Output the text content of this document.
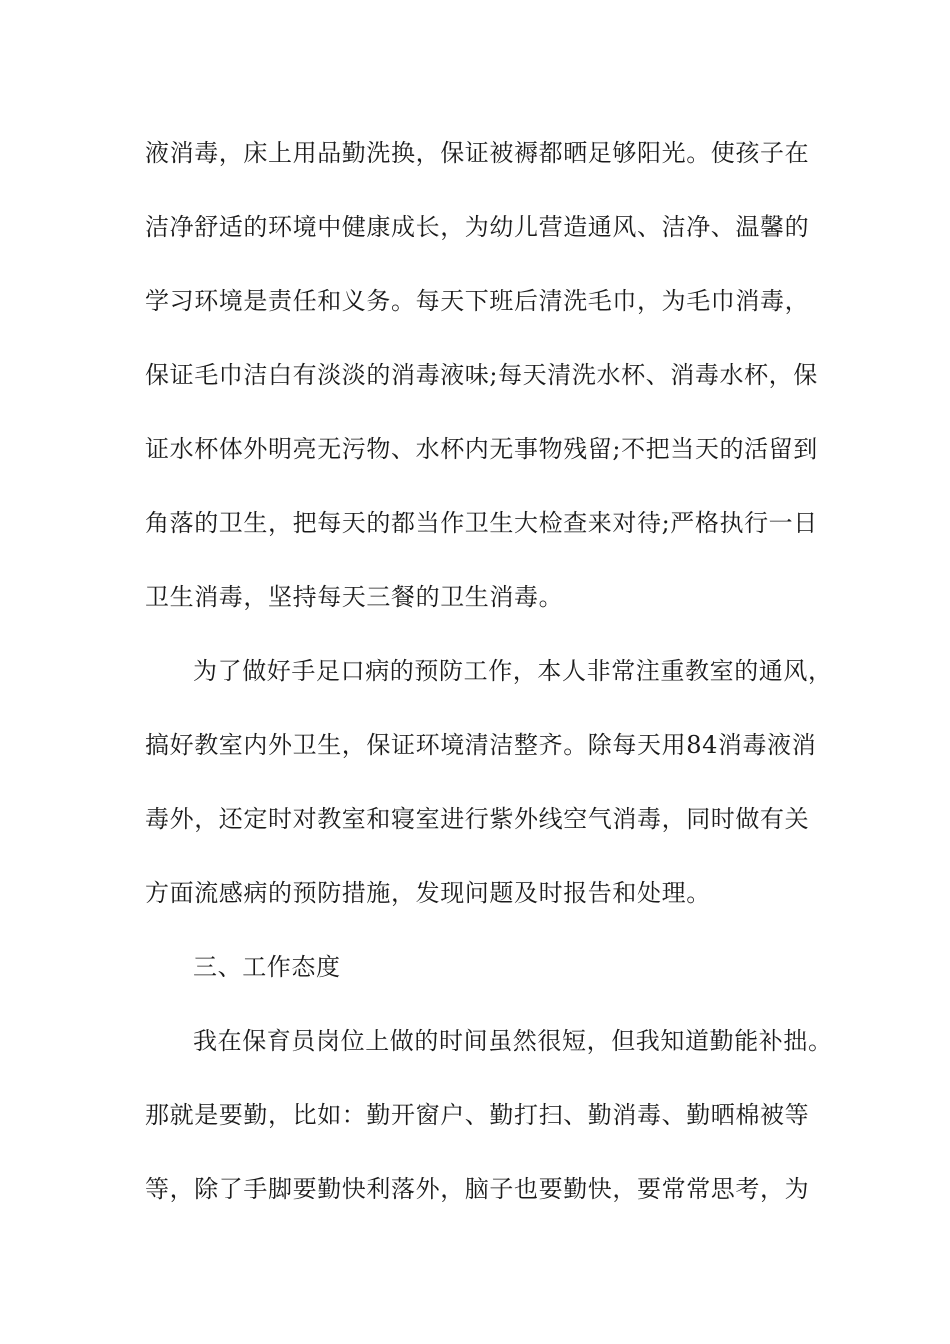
液消毒，床上用品勤洗换，保证被褥都晒足够阳光。使孩子在
洁净舒适的环境中健康成长，为幼儿营造通风、洁净、温馨的
学习环境是责任和义务。每天下班后清洗毛巾，为毛巾消毒，
保证毛巾洁白有淡淡的消毒液味;每天清洗水杯、消毒水杯，保
证水杯体外明亮无污物、水杯内无事物残留;不把当天的活留到
角落的卫生，把每天的都当作卫生大检查来对待;严格执行一日
卫生消毒，坚持每天三餐的卫生消毒。
为了做好手足口病的预防工作，本人非常注重教室的通风，
搞好教室内外卫生，保证环境清洁整齐。除每天用84消毒液消
毒外，还定时对教室和寝室进行紫外线空气消毒，同时做有关
方面流感病的预防措施，发现问题及时报告和处理。
三、工作态度
我在保育员岗位上做的时间虽然很短，但我知道勤能补拙。
那就是要勤，比如：勤开窗户、勤打扫、勤消毒、勤晒棉被等
等，除了手脚要勤快利落外，脑子也要勤快，要常常思考，为
